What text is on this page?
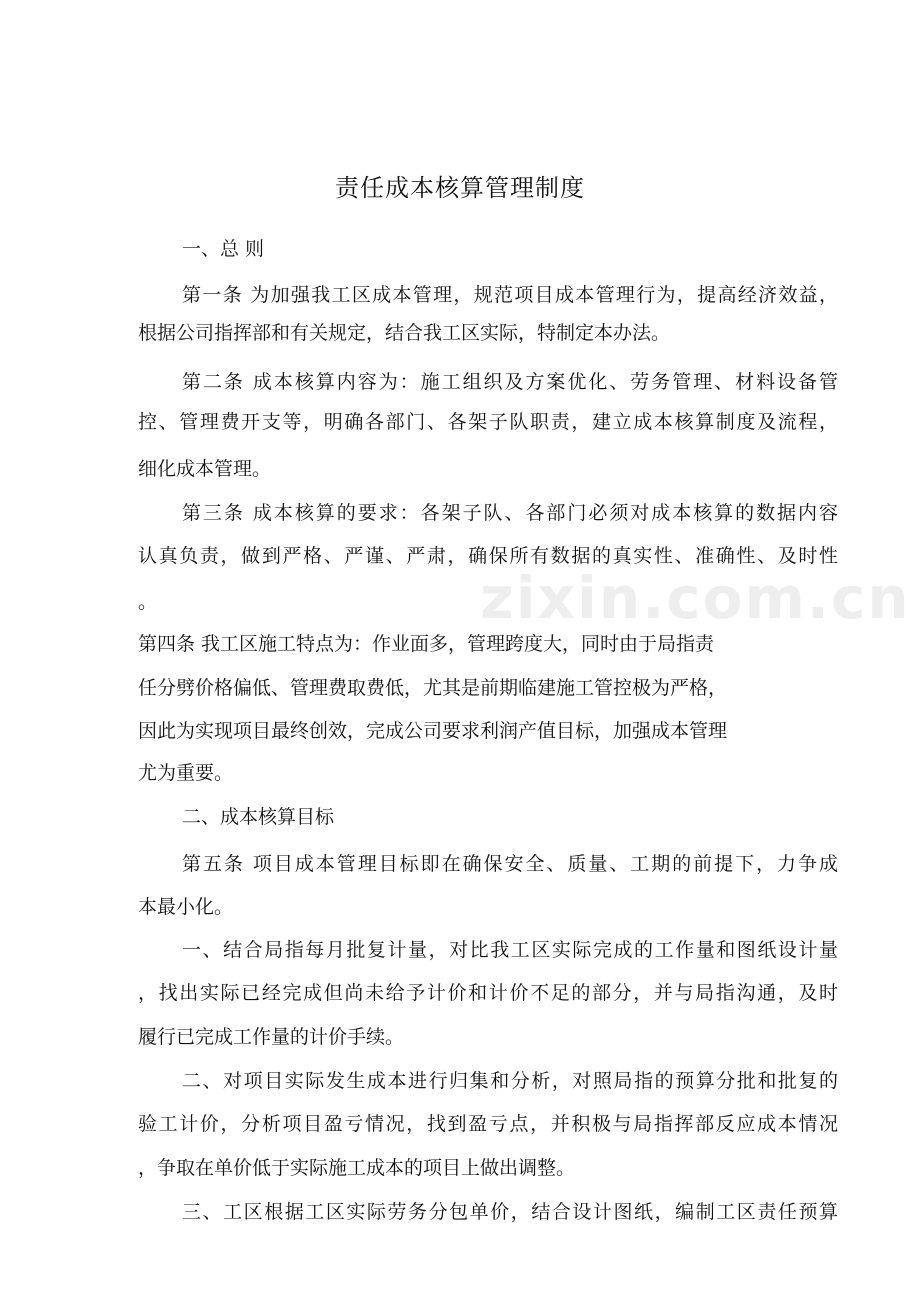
zixin.com.cn
责任成本核算管理制度
一、总 则
第一条 为加强我工区成本管理，规范项目成本管理行为，提高经济效益，
根据公司指挥部和有关规定，结合我工区实际，特制定本办法。
第二条 成本核算内容为：施工组织及方案优化、劳务管理、材料设备管
控、管理费开支等，明确各部门、各架子队职责，建立成本核算制度及流程，
细化成本管理。
第三条 成本核算的要求：各架子队、各部门必须对成本核算的数据内容
认真负责，做到严格、严谨、严肃，确保所有数据的真实性、准确性、及时性
。
第四条 我工区施工特点为：作业面多，管理跨度大，同时由于局指责
任分劈价格偏低、管理费取费低，尤其是前期临建施工管控极为严格，
因此为实现项目最终创效，完成公司要求利润产值目标，加强成本管理
尤为重要。
二、成本核算目标
第五条 项目成本管理目标即在确保安全、质量、工期的前提下，力争成
本最小化。
一、结合局指每月批复计量，对比我工区实际完成的工作量和图纸设计量
，找出实际已经完成但尚未给予计价和计价不足的部分，并与局指沟通，及时
履行已完成工作量的计价手续。
二、对项目实际发生成本进行归集和分析，对照局指的预算分批和批复的
验工计价，分析项目盈亏情况，找到盈亏点，并积极与局指挥部反应成本情况
，争取在单价低于实际施工成本的项目上做出调整。
三、工区根据工区实际劳务分包单价，结合设计图纸，编制工区责任预算
